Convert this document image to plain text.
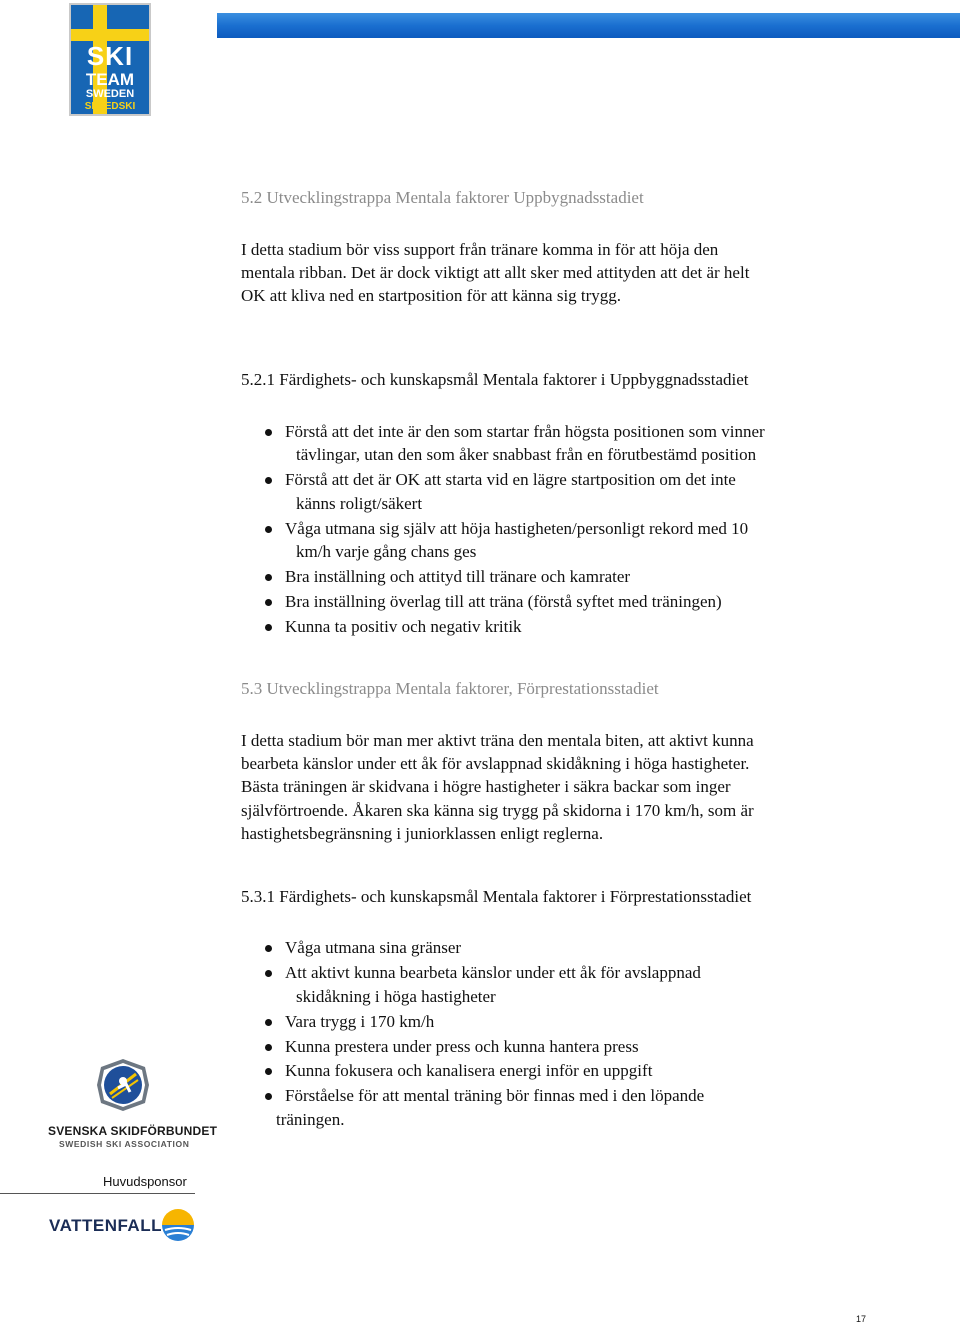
SKI
TEAM
SWEDEN
SPEEDSKI
5.2 Utvecklingstrappa Mentala faktorer Uppbygnadsstadiet
I detta stadium bör viss support från tränare komma in för att höja den
mentala ribban. Det är dock viktigt att allt sker med attityden att det är helt
OK att kliva ned en startposition för att känna sig trygg.
5.2.1 Färdighets- och kunskapsmål Mentala faktorer i Uppbyggnadsstadiet
Förstå att det inte är den som startar från högsta positionen som vinner
tävlingar, utan den som åker snabbast från en förutbestämd position
Förstå att det är OK att starta vid en lägre startposition om det inte
känns roligt/säkert
Våga utmana sig själv att höja hastigheten/personligt rekord med 10
km/h varje gång chans ges
Bra inställning och attityd till tränare och kamrater
Bra inställning överlag till att träna (förstå syftet med träningen)
Kunna ta positiv och negativ kritik
5.3 Utvecklingstrappa Mentala faktorer, Förprestationsstadiet
I detta stadium bör man mer aktivt träna den mentala biten, att aktivt kunna
bearbeta känslor under ett åk för avslappnad skidåkning i höga hastigheter.
Bästa träningen är skidvana i högre hastigheter i säkra backar som inger
självförtroende. Åkaren ska känna sig trygg på skidorna i 170 km/h, som är
hastighetsbegränsning i juniorklassen enligt reglerna.
5.3.1 Färdighets- och kunskapsmål Mentala faktorer i Förprestationsstadiet
Våga utmana sina gränser
Att aktivt kunna bearbeta känslor under ett åk för avslappnad
skidåkning i höga hastigheter
Vara trygg i 170 km/h
Kunna prestera under press och kunna hantera press
Kunna fokusera och kanalisera energi inför en uppgift
Förståelse för att mental träning bör finnas med i den löpande
träningen.
SVENSKA SKIDFÖRBUNDET
SWEDISH SKI ASSOCIATION
Huvudsponsor
VATTENFALL
17
